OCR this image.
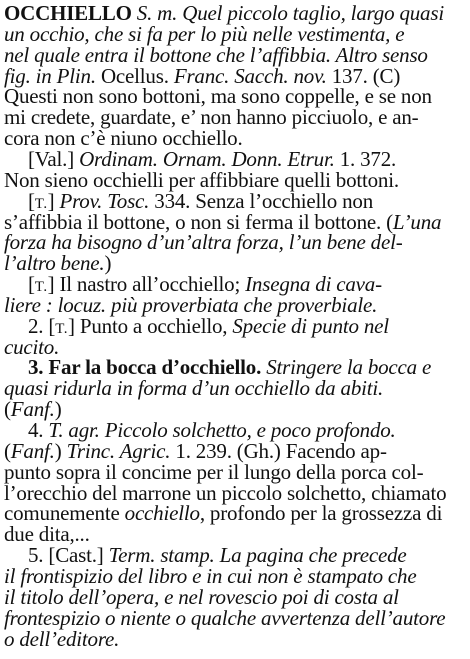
OCCHIELLO S. m. Quel piccolo taglio, largo quasi
un occhio, che si fa per lo più nelle vestimenta, e
nel quale entra il bottone che l’affibbia. Altro senso
fig. in Plin. Ocellus. Franc. Sacch. nov. 137. (C)
Questi non sono bottoni, ma sono coppelle, e se non
mi credete, guardate, e’ non hanno picciuolo, e an-
cora non c’è niuno occhiello.
[Val.] Ordinam. Ornam. Donn. Etrur. 1. 372.
Non sieno occhielli per affibbiare quelli bottoni.
[T.] Prov. Tosc. 334. Senza l’occhiello non
s’affibbia il bottone, o non si ferma il bottone. (L’una
forza ha bisogno d’un’altra forza, l’un bene del-
l’altro bene.)
[T.] Il nastro all’occhiello; Insegna di cava-
liere : locuz. più proverbiata che proverbiale.
2. [T.] Punto a occhiello, Specie di punto nel
cucito.
3. Far la bocca d’occhiello. Stringere la bocca e
quasi ridurla in forma d’un occhiello da abiti.
(Fanf.)
4. T. agr. Piccolo solchetto, e poco profondo.
(Fanf.) Trinc. Agric. 1. 239. (Gh.) Facendo ap-
punto sopra il concime per il lungo della porca col-
l’orecchio del marrone un piccolo solchetto, chiamato
comunemente occhiello, profondo per la grossezza di
due dita,...
5. [Cast.] Term. stamp. La pagina che precede
il frontispizio del libro e in cui non è stampato che
il titolo dell’opera, e nel rovescio poi di costa al
frontespizio o niente o qualche avvertenza dell’autore
o dell’editore.
